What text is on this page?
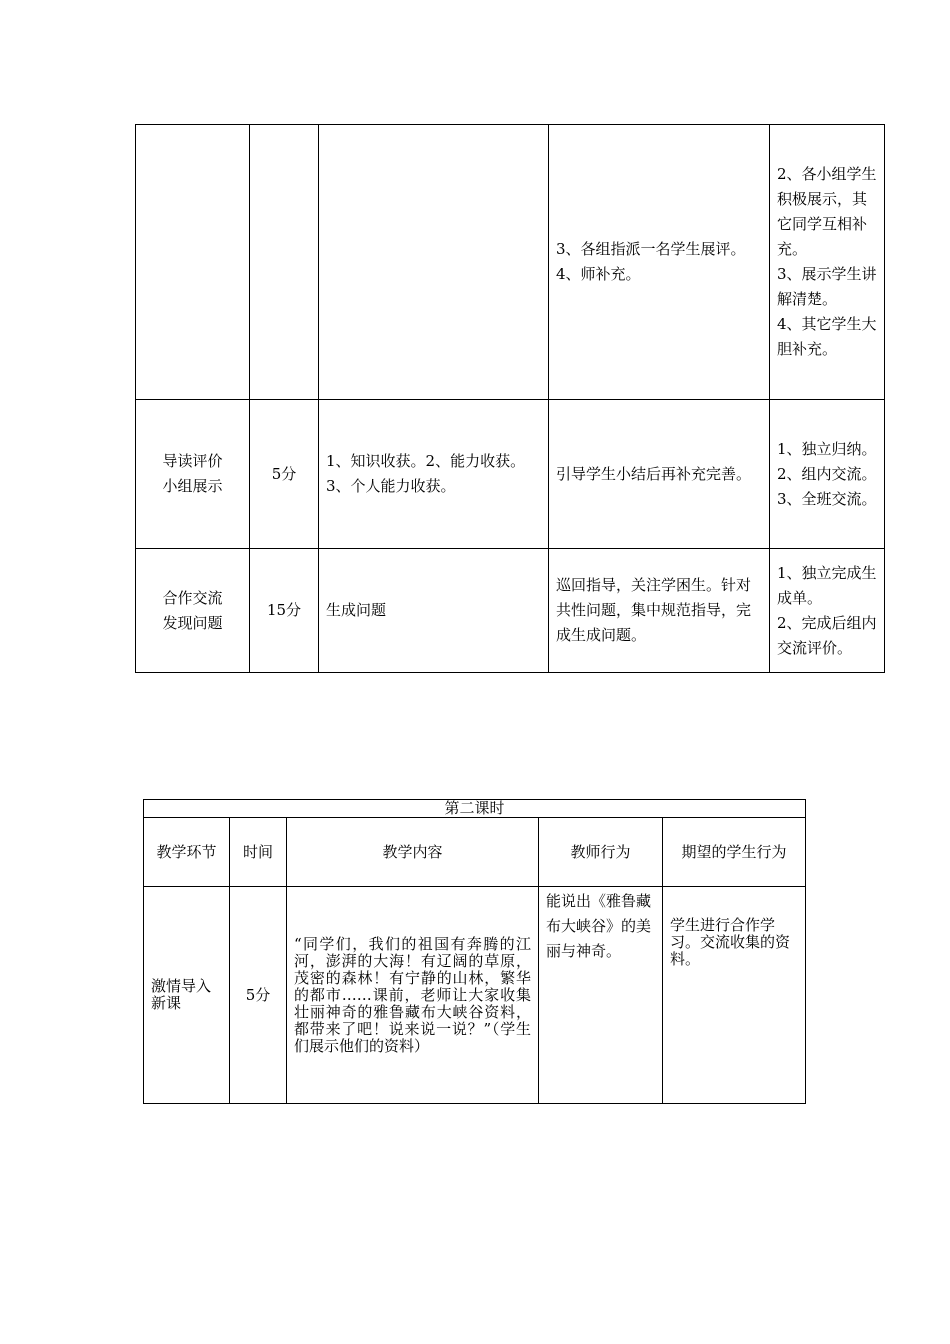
			3、各组指派一名学生展评。
4、师补充。	2、各小组学生积极展示，其它同学互相补充。
3、展示学生讲解清楚。
4、其它学生大胆补充。
导读评价
小组展示	5分	1、知识收获。2、能力收获。3、个人能力收获。	引导学生小结后再补充完善。	1、独立归纳。
2、组内交流。
3、全班交流。
合作交流
发现问题	15分	生成问题	巡回指导，关注学困生。针对共性问题，集中规范指导，完成生成问题。	1、独立完成生成单。
2、完成后组内交流评价。
第二课时				
教学环节	时间	教学内容	教师行为	期望的学生行为
激情导入新课	5分	“同学们，我们的祖国有奔腾的江河，澎湃的大海！有辽阔的草原，茂密的森林！有宁静的山林，繁华的都市……课前，老师让大家收集壮丽神奇的雅鲁藏布大峡谷资料，都带来了吧！说来说一说？”（学生们展示他们的资料）	能说出《雅鲁藏布大峡谷》的美丽与神奇。	学生进行合作学习。交流收集的资料。
